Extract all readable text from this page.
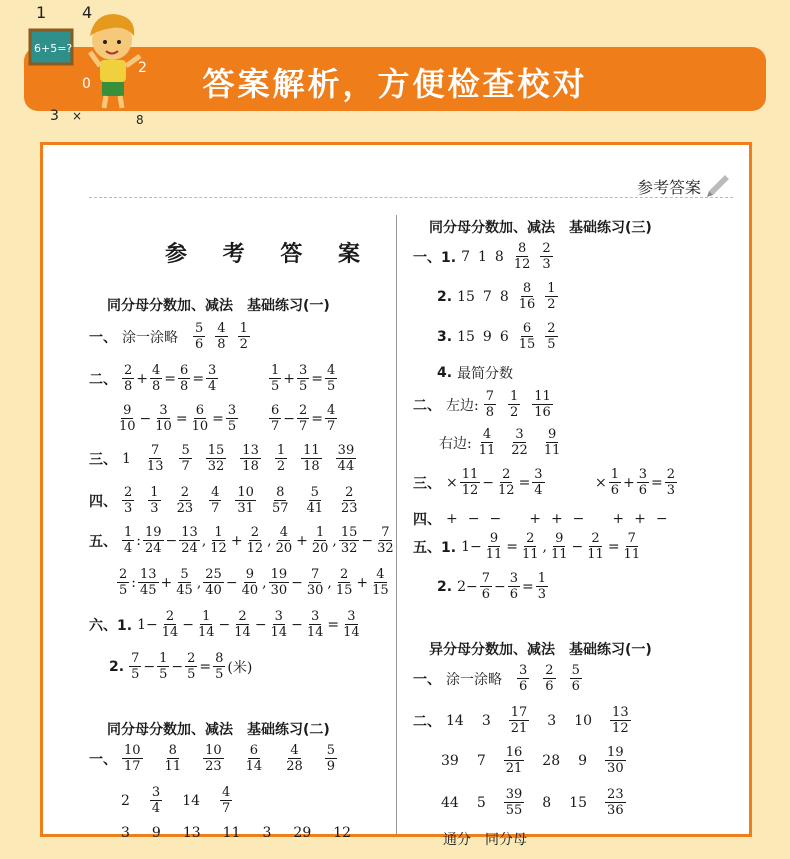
答案解析，方便检查校对
6+5=?
1 4
2
0
3 ×	8
参考答案
参 考 答 案
同分母分数加、减法　基础练习(一)
一、 涂一涂略 $\frac{5}{6} \frac{4}{8} \frac{1}{2}$
二、 $\frac{2}{8} + \frac{4}{8} = \frac{6}{8} = \frac{3}{4}$	$\frac{1}{5} + \frac{3}{5} = \frac{4}{5}$
$\frac{9}{10} - \frac{3}{10} = \frac{6}{10} = \frac{3}{5} \frac{6}{7} - \frac{2}{7} = \frac{4}{7}$
三、 $1 \frac{7}{13} \frac{5}{7} \frac{15}{32} \frac{13}{18} \frac{1}{2} \frac{11}{18} \frac{39}{44}$
四、 $\frac{2}{3} \frac{1}{3} \frac{2}{23} \frac{4}{7} \frac{10}{31} \frac{8}{57} \frac{5}{41} \frac{2}{23}$
五、 $\frac{1}{4}$ : $\frac{19}{24} - \frac{13}{24}$ , $\frac{1}{12} + \frac{2}{12}$ , $\frac{4}{20} + \frac{1}{20}$ , $\frac{15}{32} - \frac{7}{32}$
$\frac{2}{5}$ : $\frac{13}{45} + \frac{5}{45}$ , $\frac{25}{40} - \frac{9}{40}$ , $\frac{19}{30} - \frac{7}{30}$ , $\frac{2}{15} + \frac{4}{15}$
六、1. $1- \frac{2}{14} - \frac{1}{14} - \frac{2}{14} - \frac{3}{14} - \frac{3}{14} = \frac{3}{14}$
2. $\frac{7}{5} - \frac{1}{5} - \frac{2}{5} = \frac{8}{5}$ (米)
同分母分数加、减法　基础练习(二)
一、 $\frac{10}{17} \frac{8}{11} \frac{10}{23} \frac{6}{14} \frac{4}{28} \frac{5}{9}$
$2 \frac{3}{4} 14 \frac{4}{7}$
3 9 13 11 3 29 12
同分母分数加、减法　基础练习(三)
一、1. 7 1 $8 \frac{8}{12} \frac{2}{3}$
2. 15 7 $8 \frac{8}{16} \frac{1}{2}$
3. 15 9 $6 \frac{6}{15} \frac{2}{5}$
4. 最简分数
二、 左边: $\frac{7}{8} \frac{1}{2} \frac{11}{16}$
右边: $\frac{4}{11} \frac{3}{22} \frac{9}{11}$
三、 × $\frac{11}{12} - \frac{2}{12} = \frac{3}{4}$	× $\frac{1}{6} + \frac{3}{6} = \frac{2}{3}$
四、 + − − + + − + + −
五、1. $1- \frac{9}{11} = \frac{2}{11}$ , $\frac{9}{11} - \frac{2}{11} = \frac{7}{11}$
2. $2- \frac{7}{6} - \frac{3}{6} = \frac{1}{3}$
异分母分数加、减法　基础练习(一)
一、 涂一涂略 $\frac{3}{6} \frac{2}{6} \frac{5}{6}$
二、 14 $3 \frac{17}{21} 3$ $10 \frac{13}{12}$
39 $7 \frac{16}{21} 28$ $9 \frac{19}{30}$
44 $5 \frac{39}{55} 8$ $15 \frac{23}{36}$
通分　同分母
